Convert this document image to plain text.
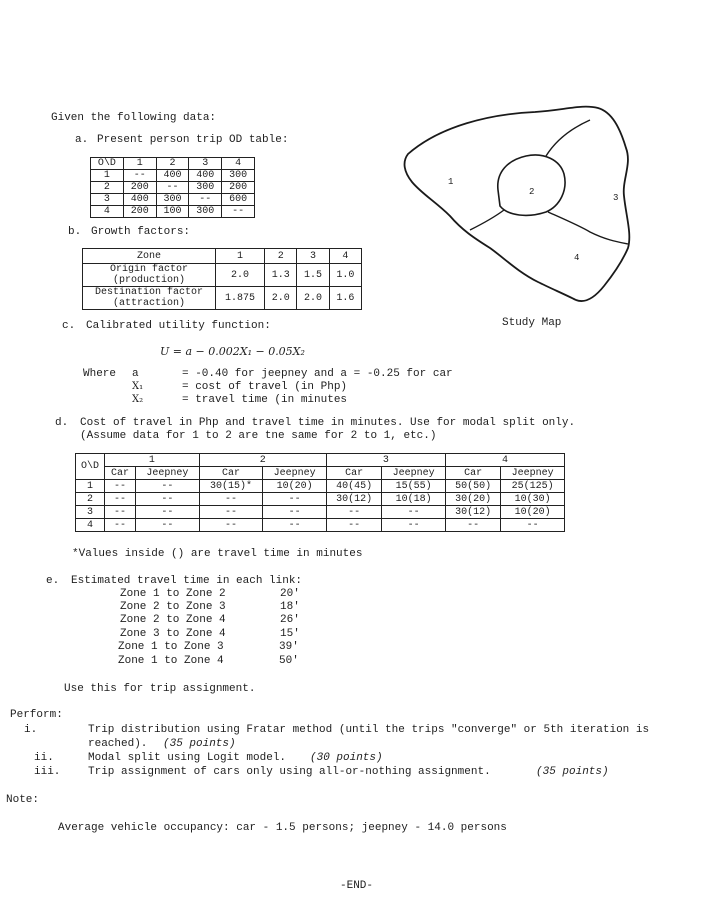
Given the following data:
a. Present person trip OD table:
O\D	1	2	3	4
1	--	400	400	300
2	200	--	300	200
3	400	300	--	600
4	200	100	300	--
b. Growth factors:
Zone	1	2	3	4
Origin factor
(production)	2.0	1.3	1.5	1.0
Destination factor
(attraction)	1.875	2.0	2.0	1.6
1
2
3
4
Study Map
c. Calibrated utility function:
U = a − 0.002X₁ − 0.05X₂
Where a	= -0.40 for jeepney and a = -0.25 for car
X₁	= cost of travel (in Php)
X₂	= travel time (in minutes
d. Cost of travel in Php and travel time in minutes. Use for modal split only.
(Assume data for 1 to 2 are tne same for 2 to 1, etc.)
O\D	1		2		3		4	
	Car	Jeepney	Car	Jeepney	Car	Jeepney	Car	Jeepney
1	--	--	30(15)*	10(20)	40(45)	15(55)	50(50)	25(125)
2	--	--	--	--	30(12)	10(18)	30(20)	10(30)
3	--	--	--	--	--	--	30(12)	10(20)
4	--	--	--	--	--	--	--	--
*Values inside () are travel time in minutes
e. Estimated travel time in each link:
Zone 1 to Zone 2	20′
Zone 2 to Zone 3	18′
Zone 2 to Zone 4	26′
Zone 3 to Zone 4	15′
Zone 1 to Zone 3	39′
Zone 1 to Zone 4	50′
Use this for trip assignment.
Perform:
i.	Trip distribution using Fratar method (until the trips "converge" or 5th iteration is
reached). (35 points)
ii.	Modal split using Logit model. (30 points)
iii.	Trip assignment of cars only using all-or-nothing assignment.	(35 points)
Note:
Average vehicle occupancy: car - 1.5 persons; jeepney - 14.0 persons
-END-
